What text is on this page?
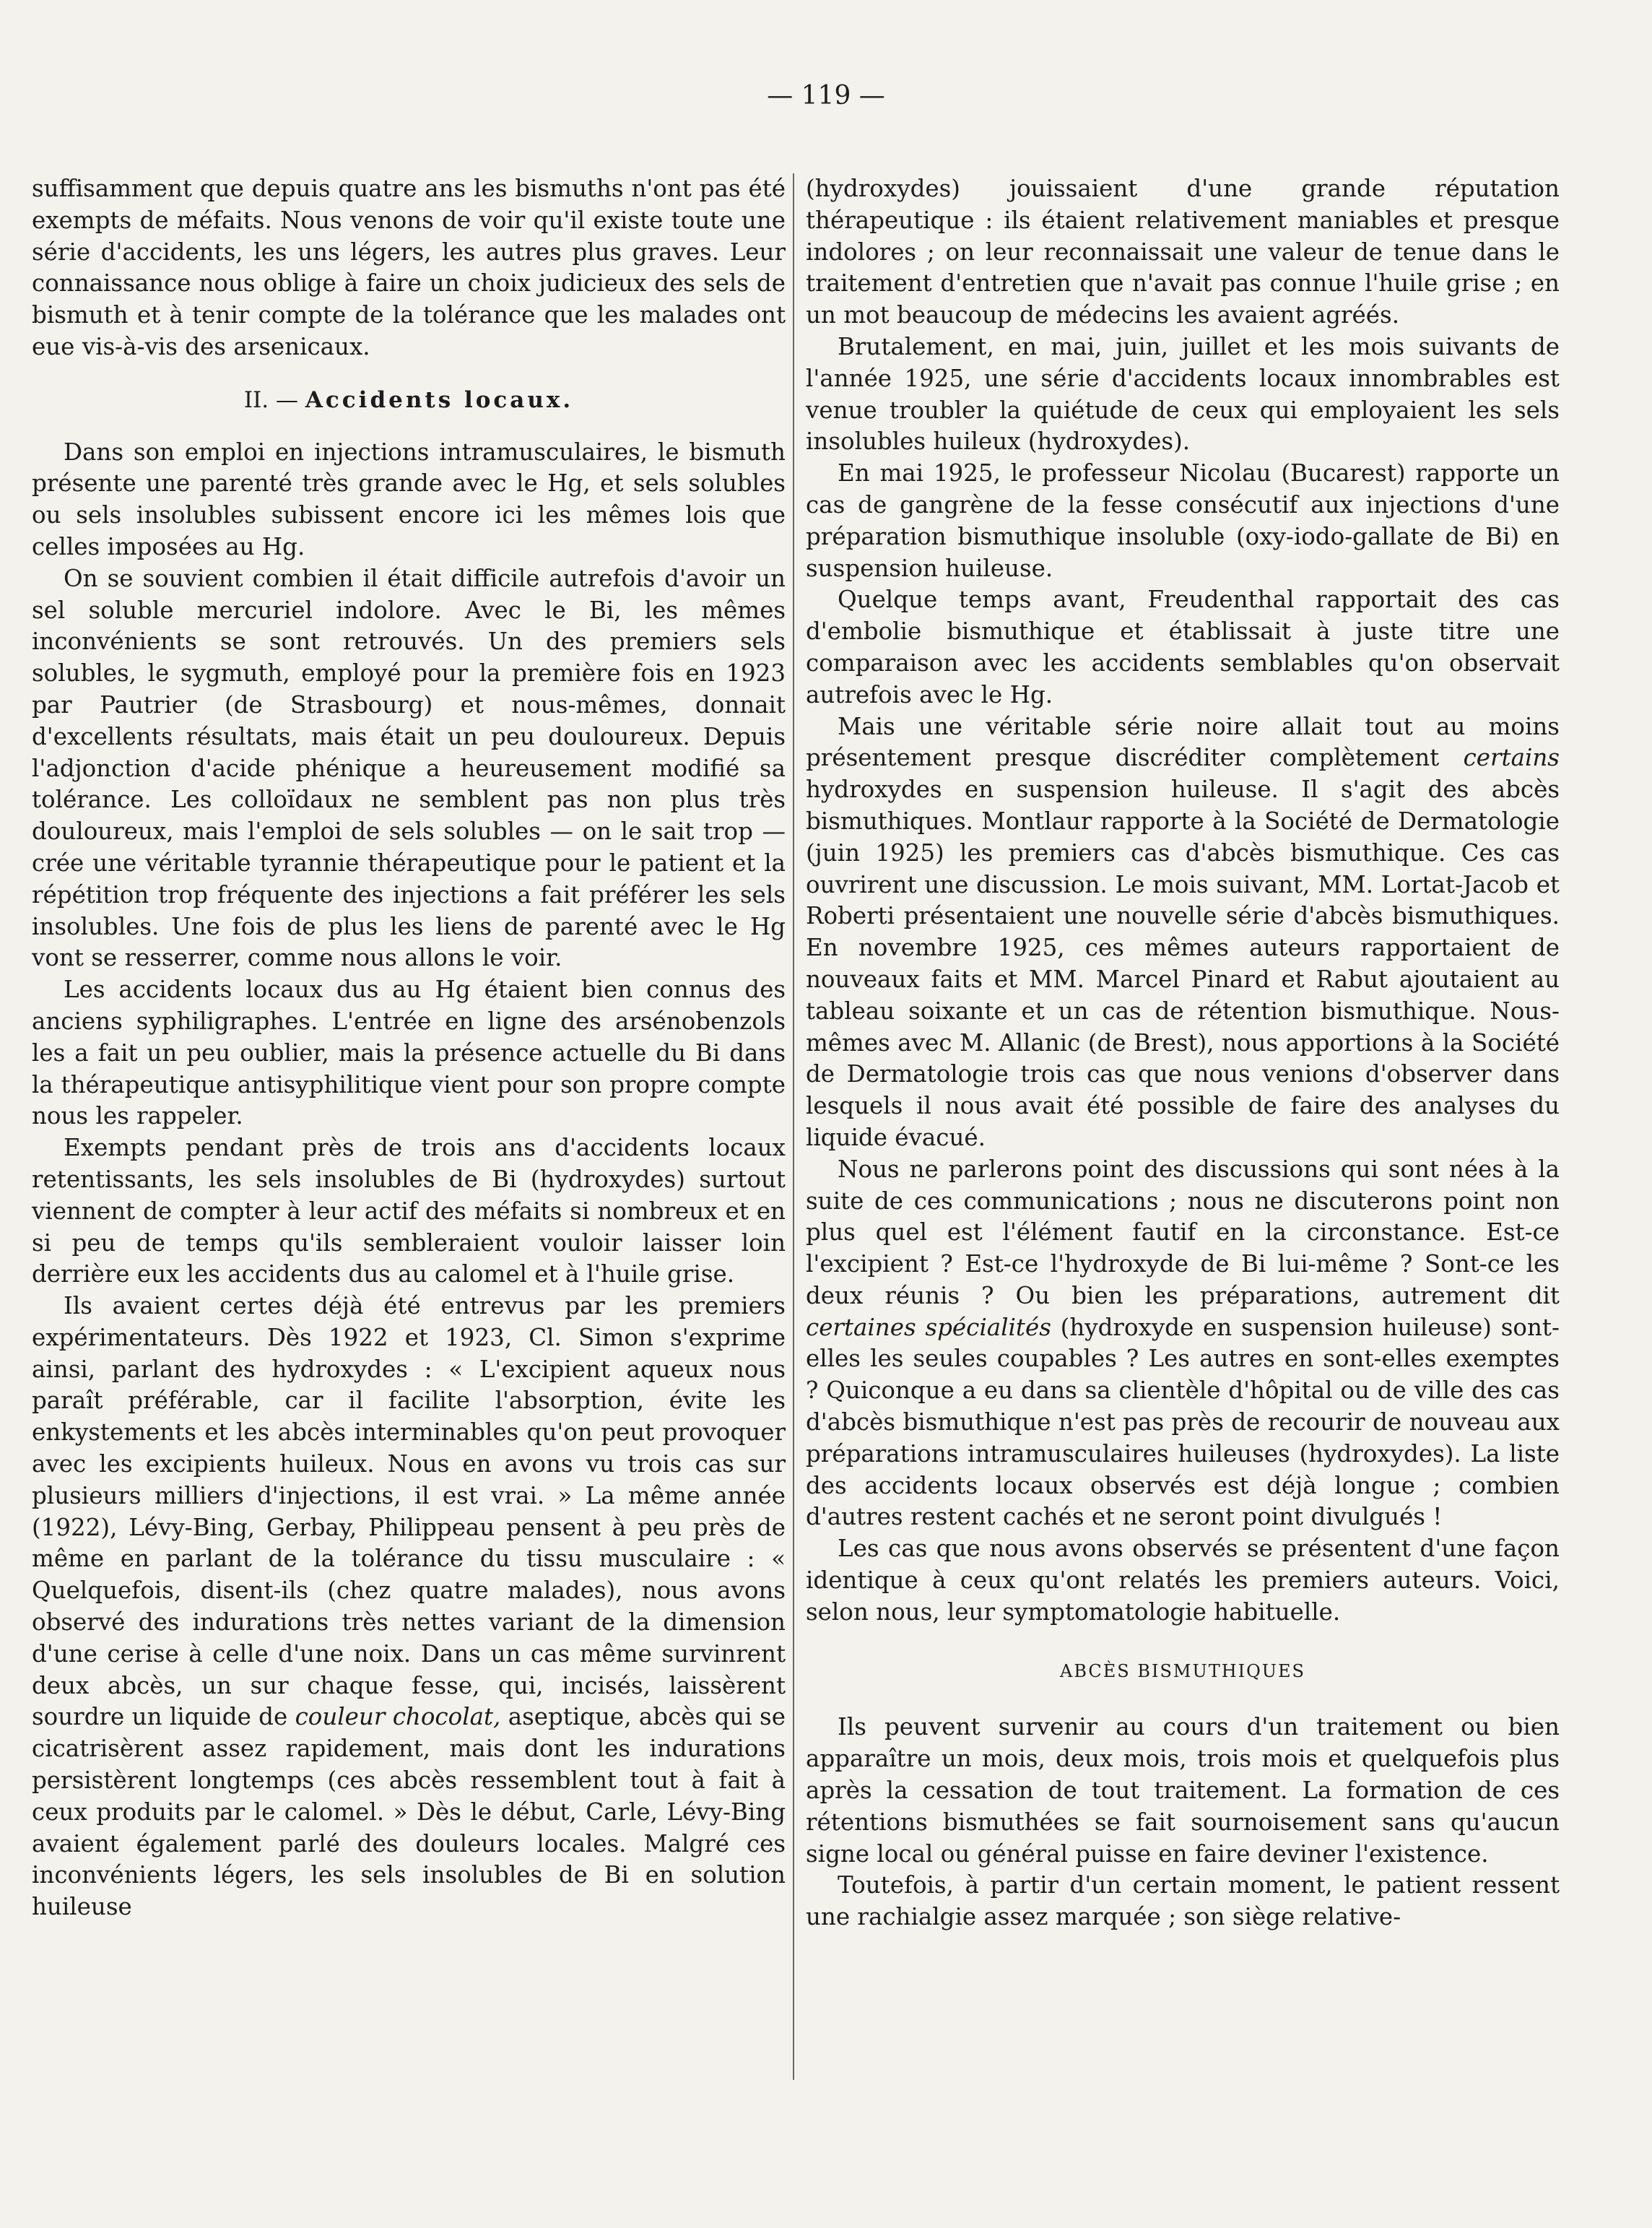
— 119 —

suffisamment que depuis quatre ans les bismuths n'ont pas été exempts de méfaits. Nous venons de voir qu'il existe toute une série d'accidents, les uns légers, les autres plus graves. Leur connaissance nous oblige à faire un choix judicieux des sels de bismuth et à tenir compte de la tolérance que les malades ont eue vis-à-vis des arsenicaux.

II. — Accidents locaux.

Dans son emploi en injections intramusculaires, le bismuth présente une parenté très grande avec le Hg, et sels solubles ou sels insolubles subissent encore ici les mêmes lois que celles imposées au Hg.

On se souvient combien il était difficile autrefois d'avoir un sel soluble mercuriel indolore. Avec le Bi, les mêmes inconvénients se sont retrouvés. Un des premiers sels solubles, le sygmuth, employé pour la première fois en 1923 par Pautrier (de Strasbourg) et nous-mêmes, donnait d'excellents résultats, mais était un peu douloureux. Depuis l'adjonction d'acide phénique a heureusement modifié sa tolérance. Les colloïdaux ne semblent pas non plus très douloureux, mais l'emploi de sels solubles — on le sait trop — crée une véritable tyrannie thérapeutique pour le patient et la répétition trop fréquente des injections a fait préférer les sels insolubles. Une fois de plus les liens de parenté avec le Hg vont se resserrer, comme nous allons le voir.

Les accidents locaux dus au Hg étaient bien connus des anciens syphiligraphes. L'entrée en ligne des arsénobenzols les a fait un peu oublier, mais la présence actuelle du Bi dans la thérapeutique antisyphilitique vient pour son propre compte nous les rappeler.

Exempts pendant près de trois ans d'accidents locaux retentissants, les sels insolubles de Bi (hydroxydes) surtout viennent de compter à leur actif des méfaits si nombreux et en si peu de temps qu'ils sembleraient vouloir laisser loin derrière eux les accidents dus au calomel et à l'huile grise.

Ils avaient certes déjà été entrevus par les premiers expérimentateurs. Dès 1922 et 1923, Cl. Simon s'exprime ainsi, parlant des hydroxydes : « L'excipient aqueux nous paraît préférable, car il facilite l'absorption, évite les enkystements et les abcès interminables qu'on peut provoquer avec les excipients huileux. Nous en avons vu trois cas sur plusieurs milliers d'injections, il est vrai. » La même année (1922), Lévy-Bing, Gerbay, Philippeau pensent à peu près de même en parlant de la tolérance du tissu musculaire : « Quelquefois, disent-ils (chez quatre malades), nous avons observé des indurations très nettes variant de la dimension d'une cerise à celle d'une noix. Dans un cas même survinrent deux abcès, un sur chaque fesse, qui, incisés, laissèrent sourdre un liquide de couleur chocolat, aseptique, abcès qui se cicatrisèrent assez rapidement, mais dont les indurations persistèrent longtemps (ces abcès ressemblent tout à fait à ceux produits par le calomel. » Dès le début, Carle, Lévy-Bing avaient également parlé des douleurs locales. Malgré ces inconvénients légers, les sels insolubles de Bi en solution huileuse

(hydroxydes) jouissaient d'une grande réputation thérapeutique : ils étaient relativement maniables et presque indolores ; on leur reconnaissait une valeur de tenue dans le traitement d'entretien que n'avait pas connue l'huile grise ; en un mot beaucoup de médecins les avaient agréés.

Brutalement, en mai, juin, juillet et les mois suivants de l'année 1925, une série d'accidents locaux innombrables est venue troubler la quiétude de ceux qui employaient les sels insolubles huileux (hydroxydes).

En mai 1925, le professeur Nicolau (Bucarest) rapporte un cas de gangrène de la fesse consécutif aux injections d'une préparation bismuthique insoluble (oxy-iodo-gallate de Bi) en suspension huileuse.

Quelque temps avant, Freudenthal rapportait des cas d'embolie bismuthique et établissait à juste titre une comparaison avec les accidents semblables qu'on observait autrefois avec le Hg.

Mais une véritable série noire allait tout au moins présentement presque discréditer complètement certains hydroxydes en suspension huileuse. Il s'agit des abcès bismuthiques. Montlaur rapporte à la Société de Dermatologie (juin 1925) les premiers cas d'abcès bismuthique. Ces cas ouvrirent une discussion. Le mois suivant, MM. Lortat-Jacob et Roberti présentaient une nouvelle série d'abcès bismuthiques. En novembre 1925, ces mêmes auteurs rapportaient de nouveaux faits et MM. Marcel Pinard et Rabut ajoutaient au tableau soixante et un cas de rétention bismuthique. Nous-mêmes avec M. Allanic (de Brest), nous apportions à la Société de Dermatologie trois cas que nous venions d'observer dans lesquels il nous avait été possible de faire des analyses du liquide évacué.

Nous ne parlerons point des discussions qui sont nées à la suite de ces communications ; nous ne discuterons point non plus quel est l'élément fautif en la circonstance. Est-ce l'excipient ? Est-ce l'hydroxyde de Bi lui-même ? Sont-ce les deux réunis ? Ou bien les préparations, autrement dit certaines spécialités (hydroxyde en suspension huileuse) sont-elles les seules coupables ? Les autres en sont-elles exemptes ? Quiconque a eu dans sa clientèle d'hôpital ou de ville des cas d'abcès bismuthique n'est pas près de recourir de nouveau aux préparations intramusculaires huileuses (hydroxydes). La liste des accidents locaux observés est déjà longue ; combien d'autres restent cachés et ne seront point divulgués !

Les cas que nous avons observés se présentent d'une façon identique à ceux qu'ont relatés les premiers auteurs. Voici, selon nous, leur symptomatologie habituelle.

ABCÈS BISMUTHIQUES

Ils peuvent survenir au cours d'un traitement ou bien apparaître un mois, deux mois, trois mois et quelquefois plus après la cessation de tout traitement. La formation de ces rétentions bismuthées se fait sournoisement sans qu'aucun signe local ou général puisse en faire deviner l'existence.

Toutefois, à partir d'un certain moment, le patient ressent une rachialgie assez marquée ; son siège relative-
